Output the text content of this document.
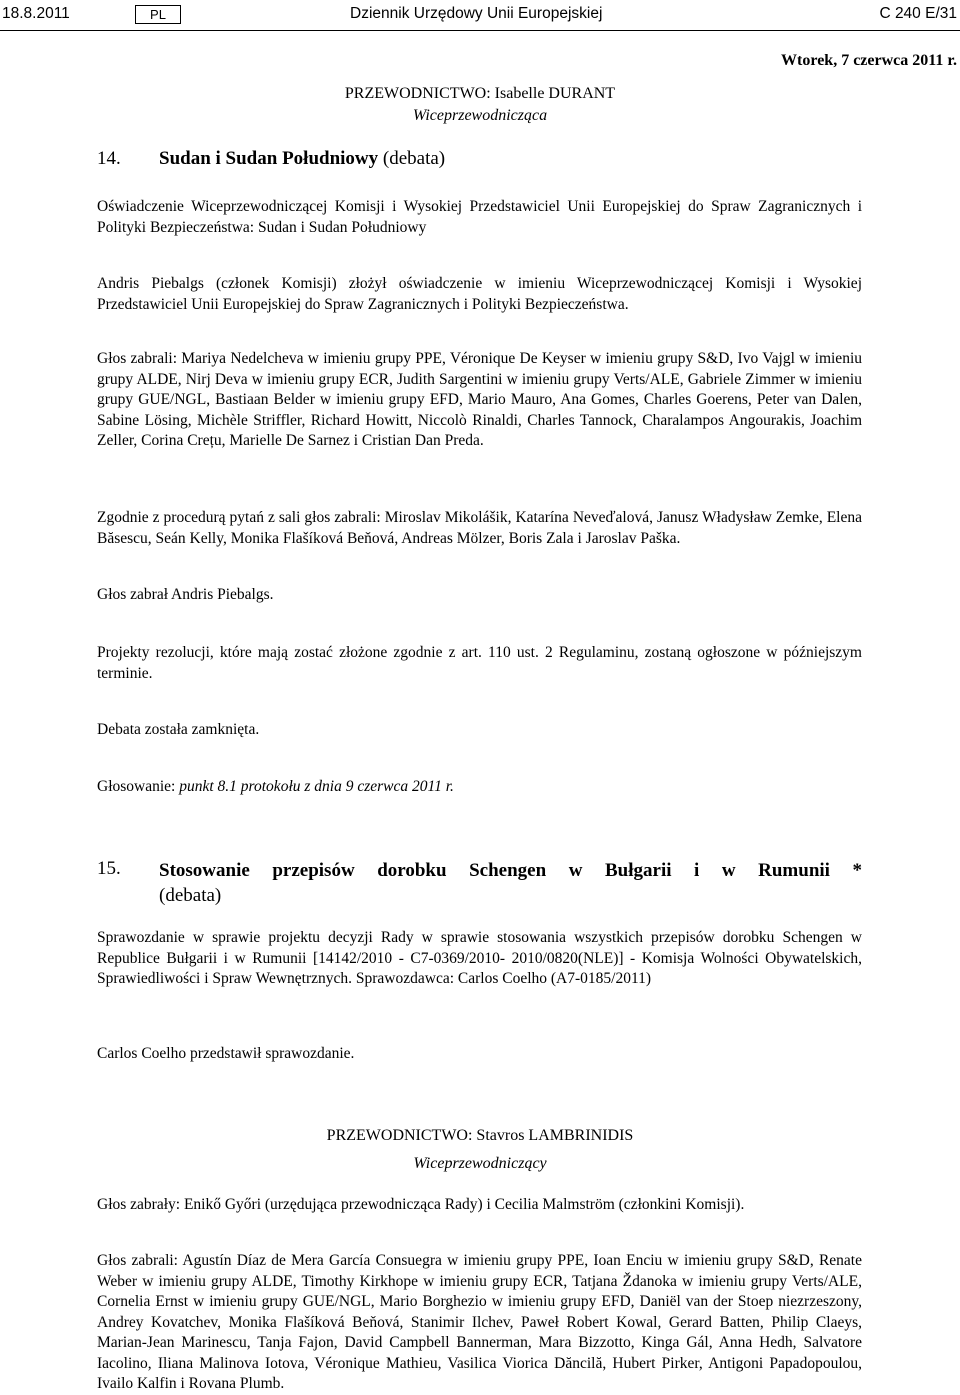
18.8.2011	PL	Dziennik Urzędowy Unii Europejskiej	C 240 E/31
Wtorek, 7 czerwca 2011 r.
PRZEWODNICTWO: Isabelle DURANT
Wiceprzewodnicząca
14. Sudan i Sudan Południowy (debata)

Oświadczenie Wiceprzewodniczącej Komisji i Wysokiej Przedstawiciel Unii Europejskiej do Spraw Zagranicznych i Polityki Bezpieczeństwa: Sudan i Sudan Południowy

Andris Piebalgs (członek Komisji) złożył oświadczenie w imieniu Wiceprzewodniczącej Komisji i Wysokiej Przedstawiciel Unii Europejskiej do Spraw Zagranicznych i Polityki Bezpieczeństwa.

Głos zabrali: Mariya Nedelcheva w imieniu grupy PPE, Véronique De Keyser w imieniu grupy S&D, Ivo Vajgl w imieniu grupy ALDE, Nirj Deva w imieniu grupy ECR, Judith Sargentini w imieniu grupy Verts/ALE, Gabriele Zimmer w imieniu grupy GUE/NGL, Bastiaan Belder w imieniu grupy EFD, Mario Mauro, Ana Gomes, Charles Goerens, Peter van Dalen, Sabine Lösing, Michèle Striffler, Richard Howitt, Niccolò Rinaldi, Charles Tannock, Charalampos Angourakis, Joachim Zeller, Corina Crețu, Marielle De Sarnez i Cristian Dan Preda.

Zgodnie z procedurą pytań z sali głos zabrali: Miroslav Mikolášik, Katarína Neveďalová, Janusz Władysław Zemke, Elena Băsescu, Seán Kelly, Monika Flašíková Beňová, Andreas Mölzer, Boris Zala i Jaroslav Paška.

Głos zabrał Andris Piebalgs.

Projekty rezolucji, które mają zostać złożone zgodnie z art. 110 ust. 2 Regulaminu, zostaną ogłoszone w późniejszym terminie.

Debata została zamknięta.

Głosowanie: punkt 8.1 protokołu z dnia 9 czerwca 2011 r.

15. Stosowanie przepisów dorobku Schengen w Bułgarii i w Rumunii *
(debata)

Sprawozdanie w sprawie projektu decyzji Rady w sprawie stosowania wszystkich przepisów dorobku Schengen w Republice Bułgarii i w Rumunii [14142/2010 - C7-0369/2010- 2010/0820(NLE)] - Komisja Wolności Obywatelskich, Sprawiedliwości i Spraw Wewnętrznych. Sprawozdawca: Carlos Coelho (A7-0185/2011)

Carlos Coelho przedstawił sprawozdanie.

PRZEWODNICTWO: Stavros LAMBRINIDIS
Wiceprzewodniczący

Głos zabrały: Enikő Győri (urzędująca przewodnicząca Rady) i Cecilia Malmström (członkini Komisji).

Głos zabrali: Agustín Díaz de Mera García Consuegra w imieniu grupy PPE, Ioan Enciu w imieniu grupy S&D, Renate Weber w imieniu grupy ALDE, Timothy Kirkhope w imieniu grupy ECR, Tatjana Ždanoka w imieniu grupy Verts/ALE, Cornelia Ernst w imieniu grupy GUE/NGL, Mario Borghezio w imieniu grupy EFD, Daniël van der Stoep niezrzeszony, Andrey Kovatchev, Monika Flašíková Beňová, Stanimir Ilchev, Paweł Robert Kowal, Gerard Batten, Philip Claeys, Marian-Jean Marinescu, Tanja Fajon, David Campbell Bannerman, Mara Bizzotto, Kinga Gál, Anna Hedh, Salvatore Iacolino, Iliana Malinova Iotova, Véronique Mathieu, Vasilica Viorica Dăncilă, Hubert Pirker, Antigoni Papadopoulou, Ivailo Kalfin i Rovana Plumb.
